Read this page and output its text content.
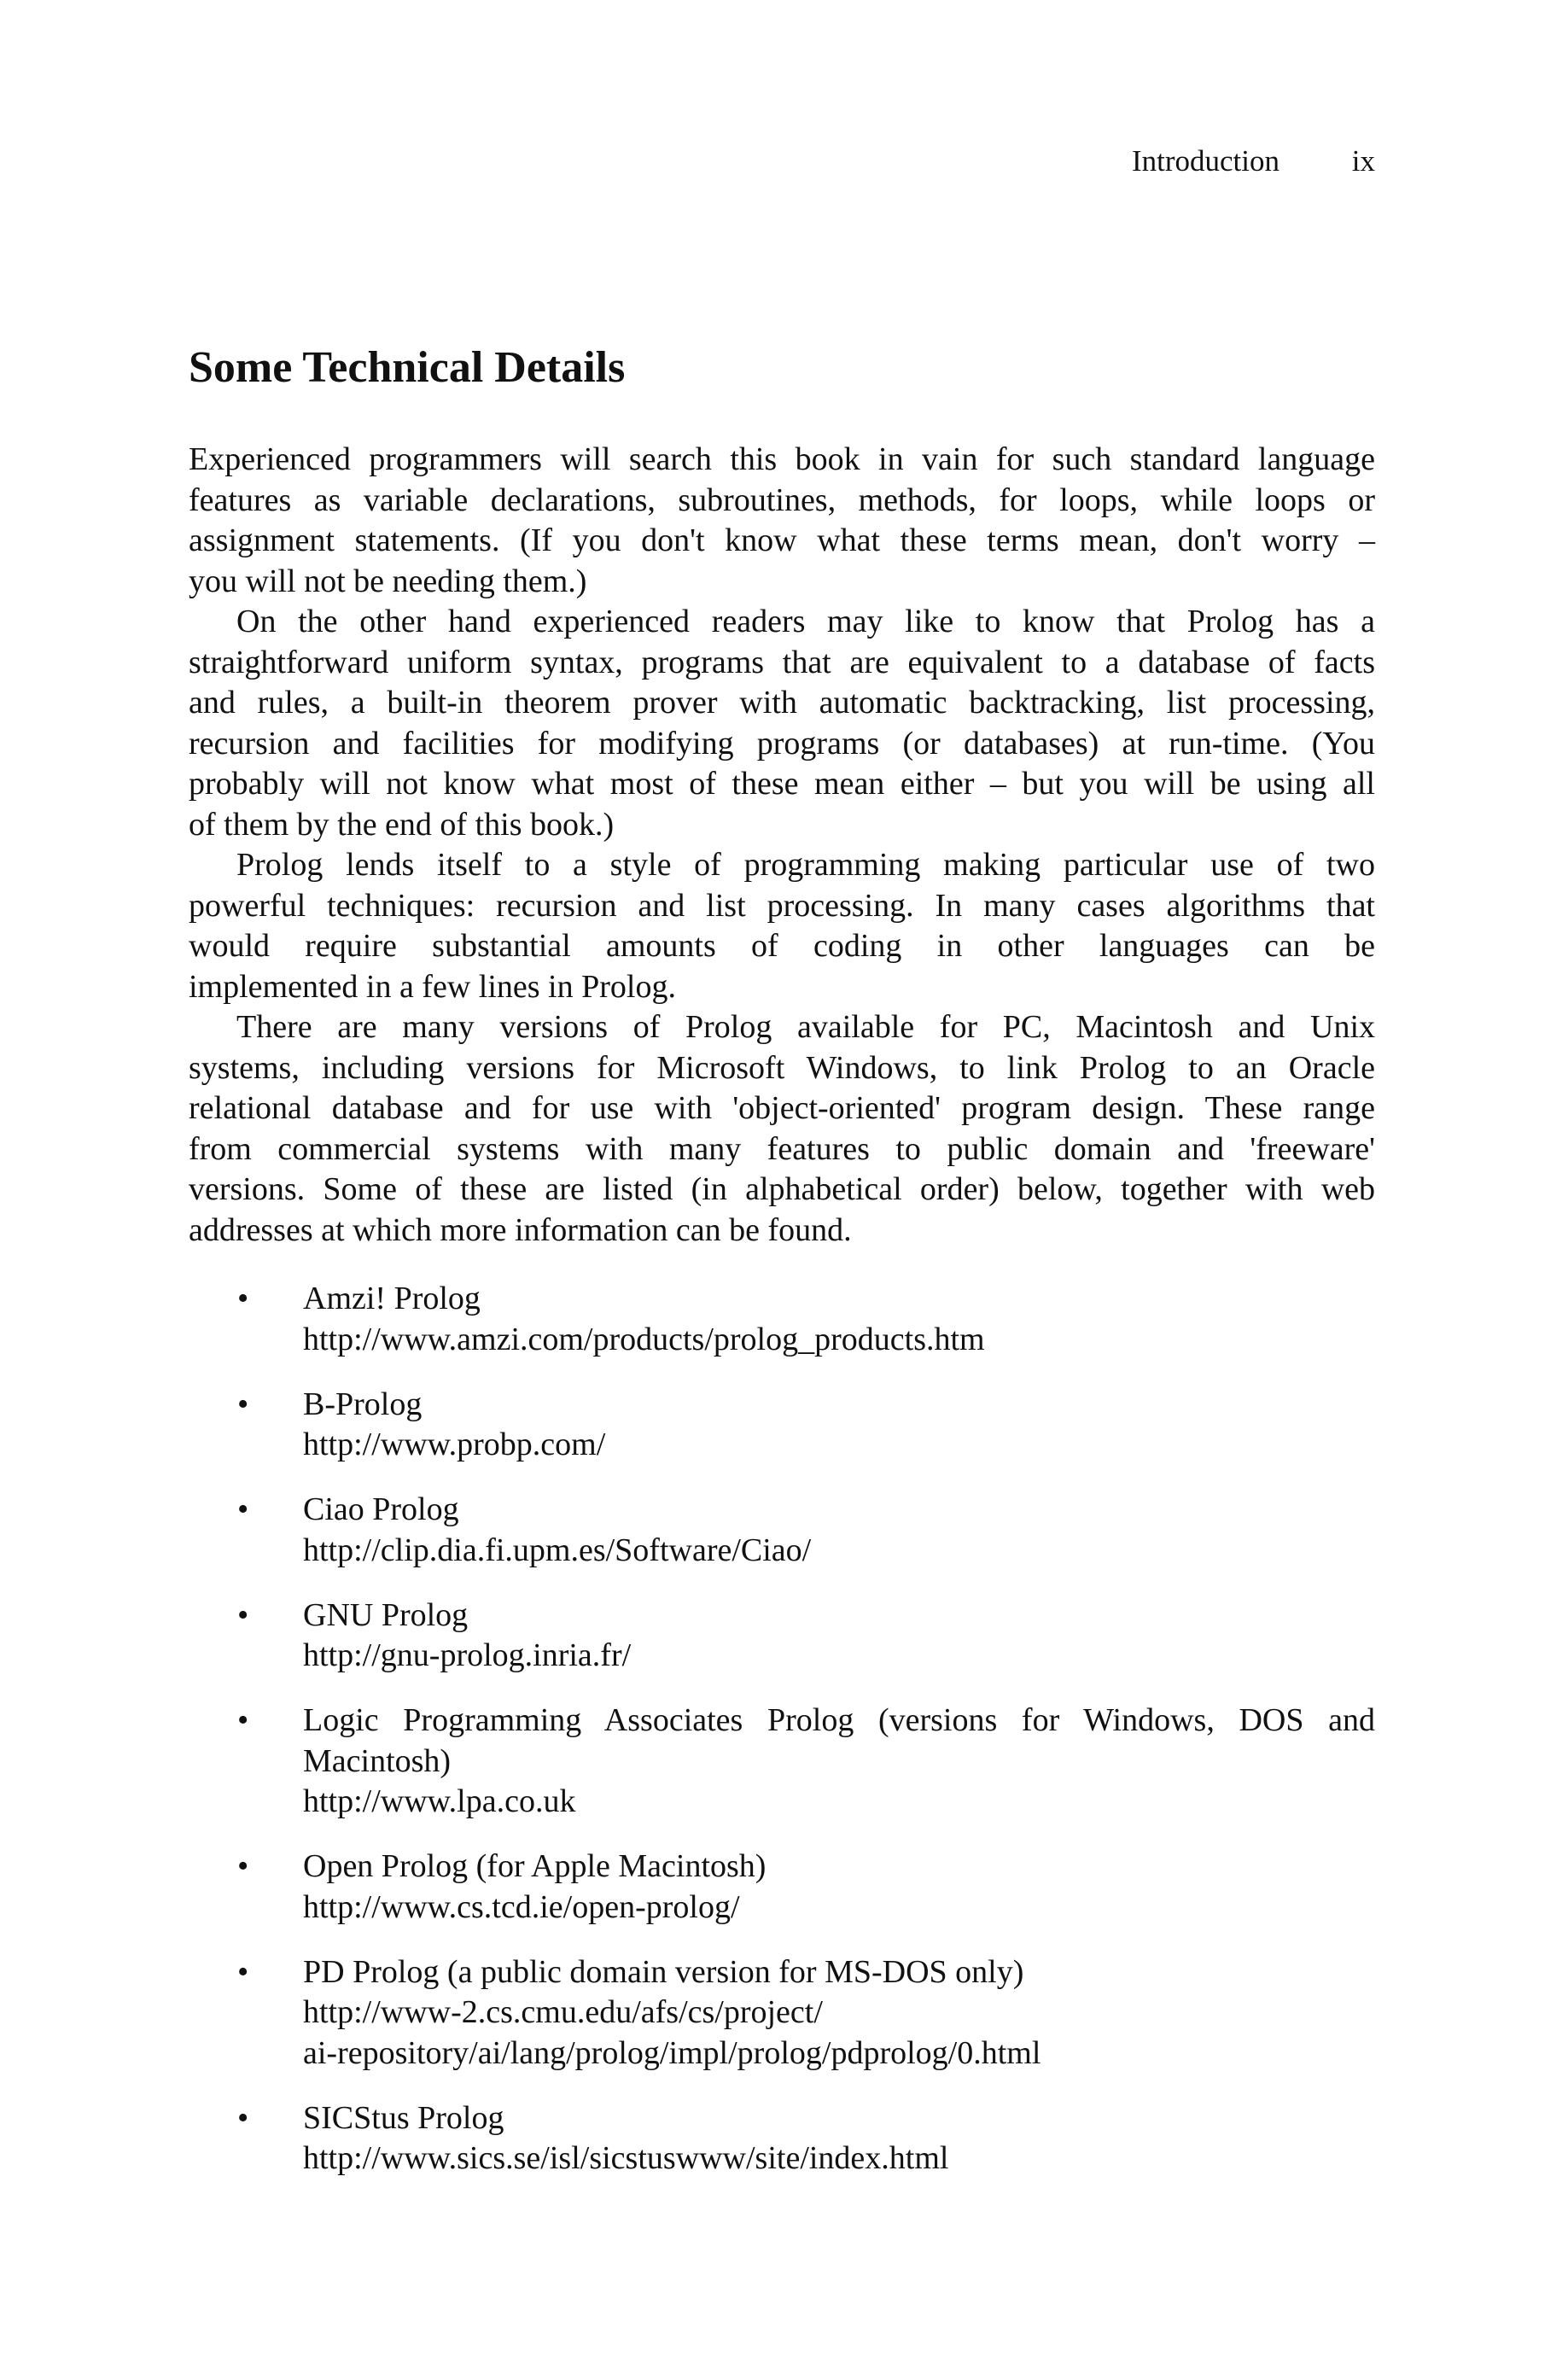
Introduction ix
Some Technical Details
Experienced programmers will search this book in vain for such standard language
features as variable declarations, subroutines, methods, for loops, while loops or
assignment statements. (If you don't know what these terms mean, don't worry –
you will not be needing them.)
On the other hand experienced readers may like to know that Prolog has a
straightforward uniform syntax, programs that are equivalent to a database of facts
and rules, a built-in theorem prover with automatic backtracking, list processing,
recursion and facilities for modifying programs (or databases) at run-time. (You
probably will not know what most of these mean either – but you will be using all
of them by the end of this book.)
Prolog lends itself to a style of programming making particular use of two
powerful techniques: recursion and list processing. In many cases algorithms that
would require substantial amounts of coding in other languages can be
implemented in a few lines in Prolog.
There are many versions of Prolog available for PC, Macintosh and Unix
systems, including versions for Microsoft Windows, to link Prolog to an Oracle
relational database and for use with 'object-oriented' program design. These range
from commercial systems with many features to public domain and 'freeware'
versions. Some of these are listed (in alphabetical order) below, together with web
addresses at which more information can be found.
• Amzi! Prolog
http://www.amzi.com/products/prolog_products.htm
• B-Prolog
http://www.probp.com/
• Ciao Prolog
http://clip.dia.fi.upm.es/Software/Ciao/
• GNU Prolog
http://gnu-prolog.inria.fr/
• Logic Programming Associates Prolog (versions for Windows, DOS and
Macintosh)
http://www.lpa.co.uk
• Open Prolog (for Apple Macintosh)
http://www.cs.tcd.ie/open-prolog/
• PD Prolog (a public domain version for MS-DOS only)
http://www-2.cs.cmu.edu/afs/cs/project/
ai-repository/ai/lang/prolog/impl/prolog/pdprolog/0.html
• SICStus Prolog
http://www.sics.se/isl/sicstuswww/site/index.html
